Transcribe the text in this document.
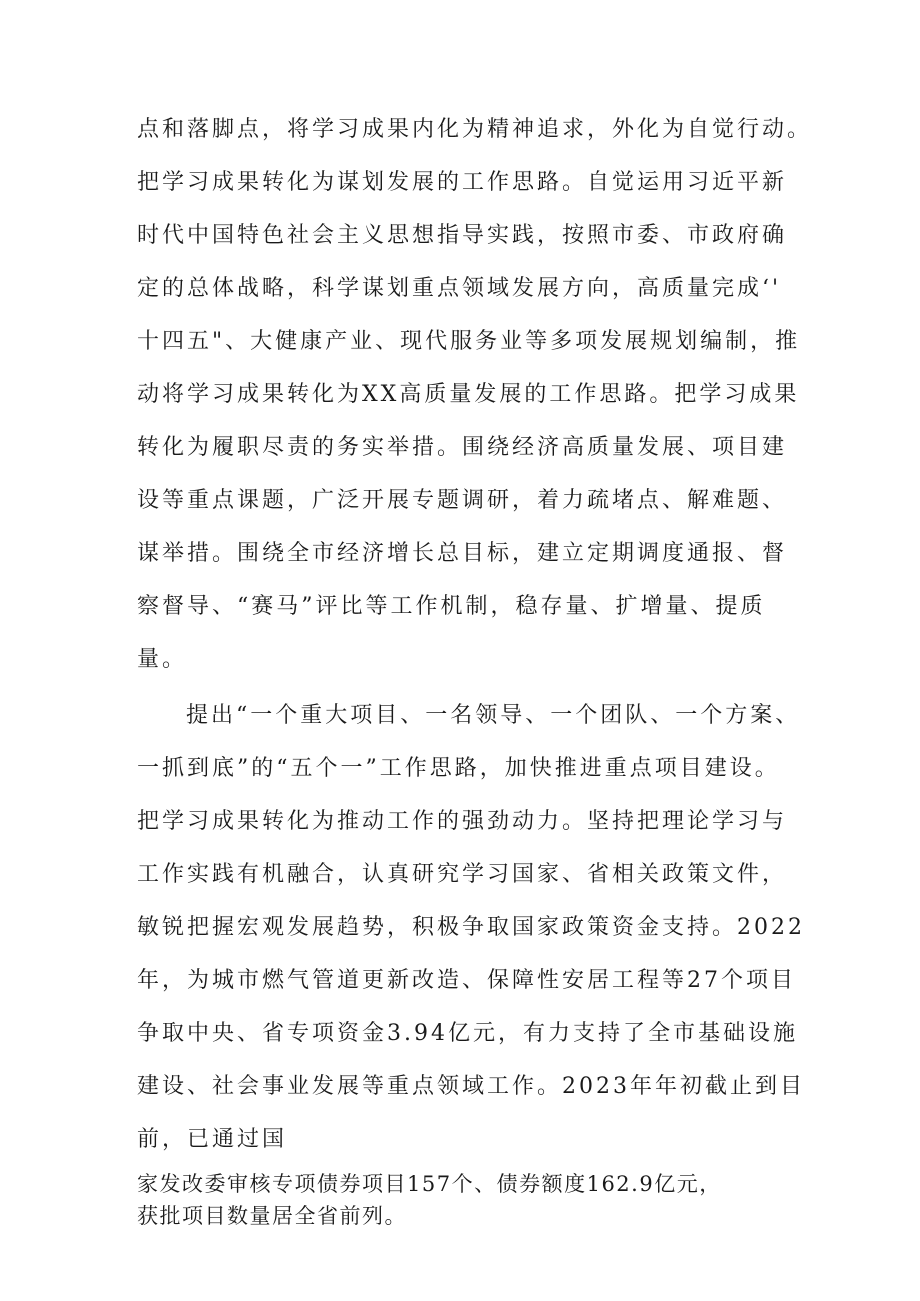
点和落脚点，将学习成果内化为精神追求，外化为自觉行动。
把学习成果转化为谋划发展的工作思路。自觉运用习近平新
时代中国特色社会主义思想指导实践，按照市委、市政府确
定的总体战略，科学谋划重点领域发展方向，高质量完成‘'
十四五"、大健康产业、现代服务业等多项发展规划编制，推
动将学习成果转化为XX高质量发展的工作思路。把学习成果
转化为履职尽责的务实举措。围绕经济高质量发展、项目建
设等重点课题，广泛开展专题调研，着力疏堵点、解难题、
谋举措。围绕全市经济增长总目标，建立定期调度通报、督
察督导、“赛马”评比等工作机制，稳存量、扩增量、提质
量。
提出“一个重大项目、一名领导、一个团队、一个方案、
一抓到底”的“五个一”工作思路，加快推进重点项目建设。
把学习成果转化为推动工作的强劲动力。坚持把理论学习与
工作实践有机融合，认真研究学习国家、省相关政策文件，
敏锐把握宏观发展趋势，积极争取国家政策资金支持。2022
年，为城市燃气管道更新改造、保障性安居工程等27个项目
争取中央、省专项资金3.94亿元，有力支持了全市基础设施
建设、社会事业发展等重点领域工作。2023年年初截止到目
前，已通过国
家发改委审核专项债券项目157个、债券额度162.9亿元，
获批项目数量居全省前列。
